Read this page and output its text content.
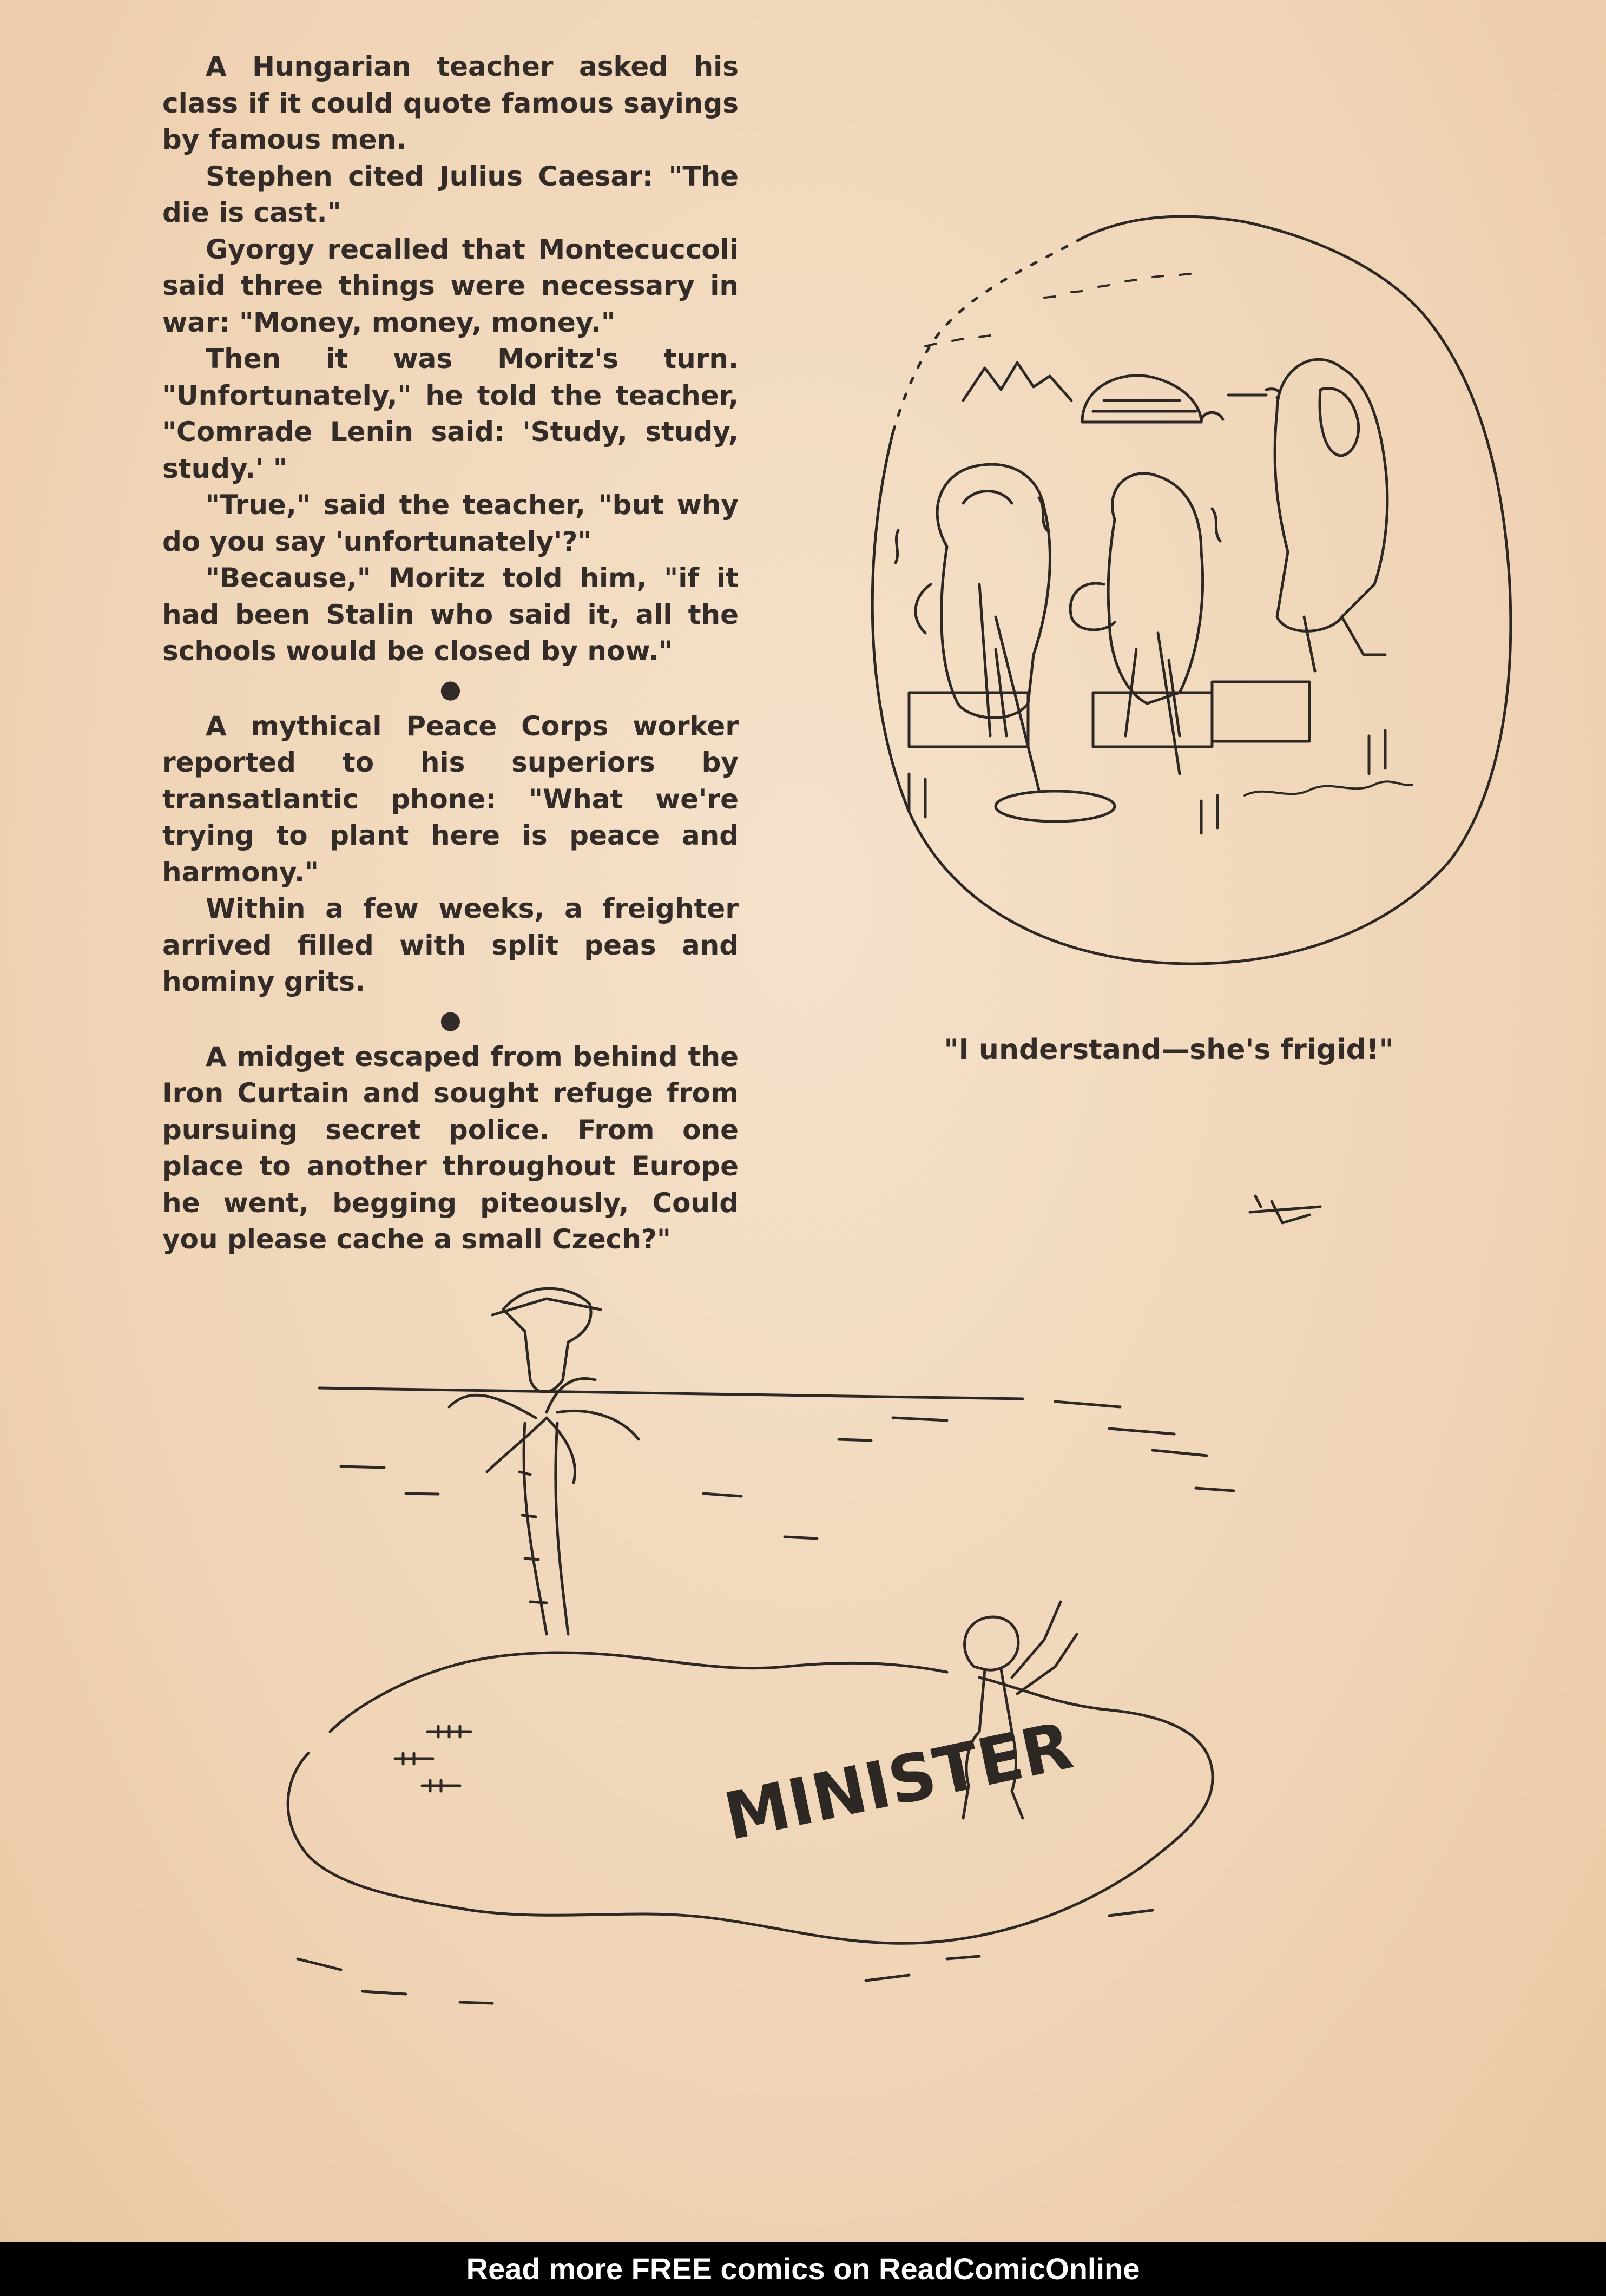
A Hungarian teacher asked his class if it could quote famous sayings by famous men.

Stephen cited Julius Caesar: "The die is cast."

Gyorgy recalled that Montecuccoli said three things were necessary in war: "Money, money, money."

Then it was Moritz's turn. "Unfortunately," he told the teacher, "Comrade Lenin said: 'Study, study, study.' "

"True," said the teacher, "but why do you say 'unfortunately'?"

"Because," Moritz told him, "if it had been Stalin who said it, all the schools would be closed by now."

●

A mythical Peace Corps worker reported to his superiors by transatlantic phone: "What we're trying to plant here is peace and harmony."

Within a few weeks, a freighter arrived filled with split peas and hominy grits.

●

A midget escaped from behind the Iron Curtain and sought refuge from pursuing secret police. From one place to another throughout Europe he went, begging piteously, Could you please cache a small Czech?"

"I understand—she's frigid!"
MINISTER
Read more FREE comics on ReadComicOnline
